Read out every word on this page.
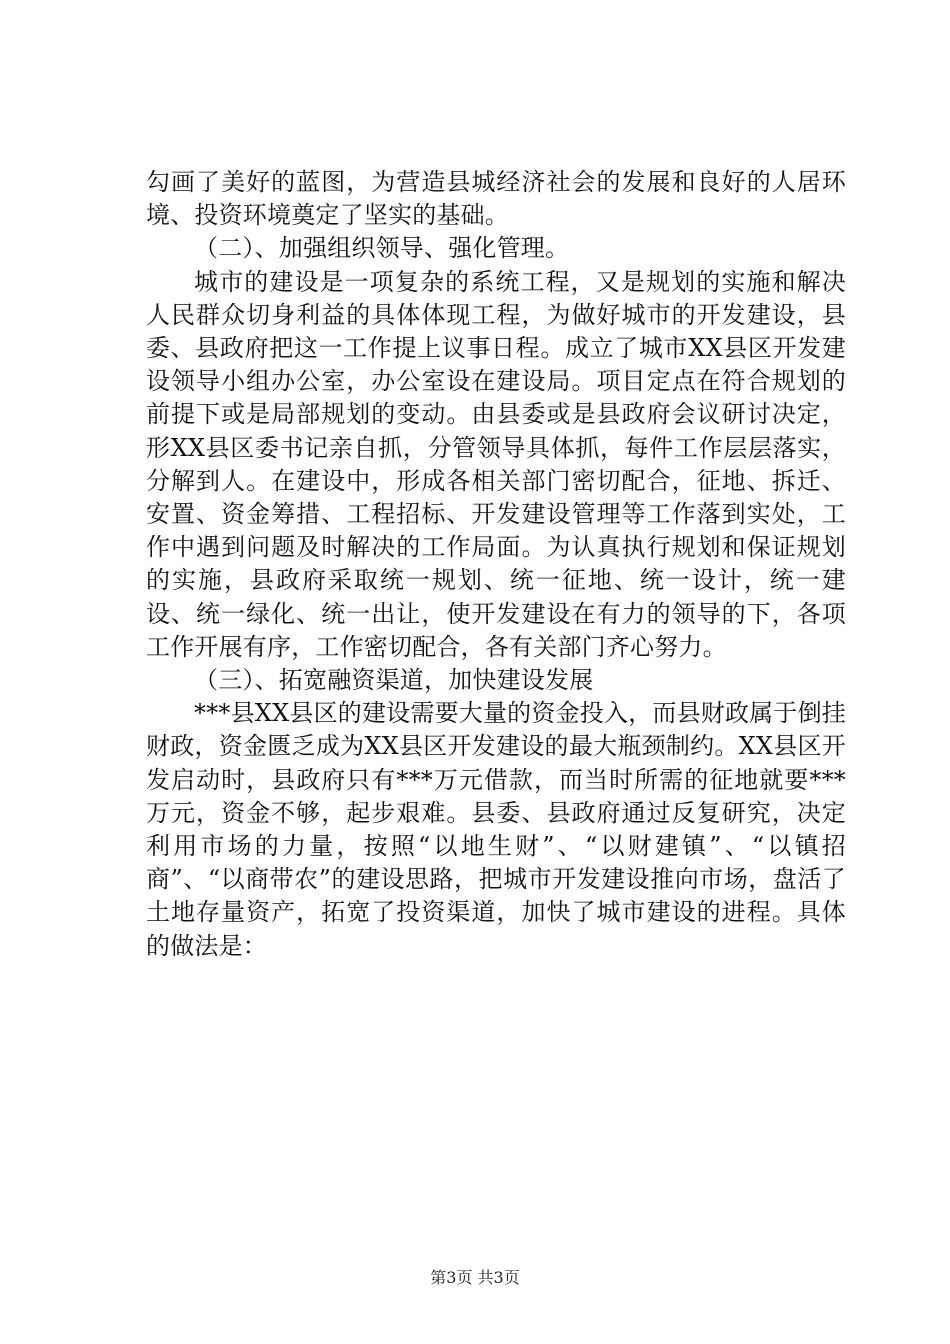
勾画了美好的蓝图，为营造县城经济社会的发展和良好的人居环境、投资环境奠定了坚实的基础。

（二）、加强组织领导、强化管理。

城市的建设是一项复杂的系统工程，又是规划的实施和解决人民群众切身利益的具体体现工程，为做好城市的开发建设，县委、县政府把这一工作提上议事日程。成立了城市XX县区开发建设领导小组办公室，办公室设在建设局。项目定点在符合规划的前提下或是局部规划的变动。由县委或是县政府会议研讨决定，形XX县区委书记亲自抓，分管领导具体抓，每件工作层层落实，分解到人。在建设中，形成各相关部门密切配合，征地、拆迁、安置、资金筹措、工程招标、开发建设管理等工作落到实处，工作中遇到问题及时解决的工作局面。为认真执行规划和保证规划的实施，县政府采取统一规划、统一征地、统一设计，统一建设、统一绿化、统一出让，使开发建设在有力的领导的下，各项工作开展有序，工作密切配合，各有关部门齐心努力。

（三）、拓宽融资渠道，加快建设发展

***县XX县区的建设需要大量的资金投入，而县财政属于倒挂财政，资金匮乏成为XX县区开发建设的最大瓶颈制约。XX县区开发启动时，县政府只有***万元借款，而当时所需的征地就要***万元，资金不够，起步艰难。县委、县政府通过反复研究，决定利用市场的力量，按照“以地生财”、“以财建镇”、“以镇招商”、“以商带农”的建设思路，把城市开发建设推向市场，盘活了土地存量资产，拓宽了投资渠道，加快了城市建设的进程。具体的做法是：

第3页 共3页
